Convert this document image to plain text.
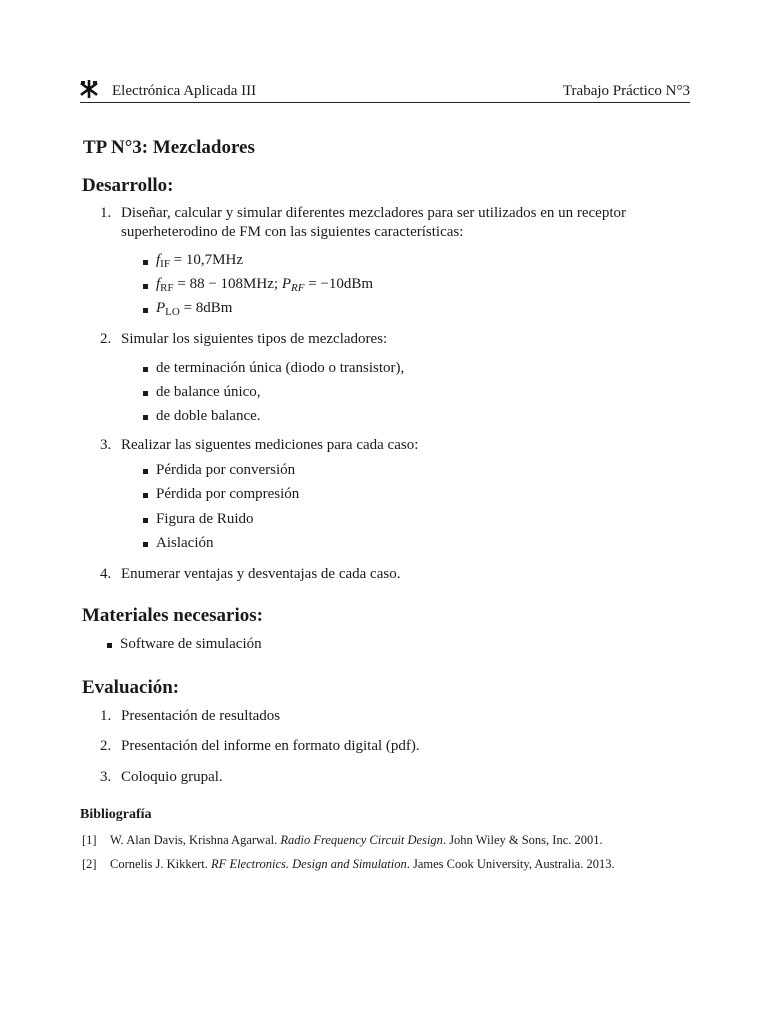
Electrónica Aplicada III	Trabajo Práctico N°3
TP N°3: Mezcladores
Desarrollo:
1. Diseñar, calcular y simular diferentes mezcladores para ser utilizados en un receptor
superheterodino de FM con las siguientes características:
$f_{IF} = 10,7MHz$
$f_{RF} = 88 - 108MHz$; $P_{RF} = -10dBm$
$P_{LO} = 8dBm$
2. Simular los siguientes tipos de mezcladores:
de terminación única (diodo o transistor),
de balance único,
de doble balance.
3. Realizar las siguentes mediciones para cada caso:
Pérdida por conversión
Pérdida por compresión
Figura de Ruido
Aislación
4. Enumerar ventajas y desventajas de cada caso.
Materiales necesarios:
Software de simulación
Evaluación:
1. Presentación de resultados
2. Presentación del informe en formato digital (pdf).
3. Coloquio grupal.
Bibliografía
[1] W. Alan Davis, Krishna Agarwal. Radio Frequency Circuit Design. John Wiley & Sons, Inc. 2001.
[2] Cornelis J. Kikkert. RF Electronics. Design and Simulation. James Cook University, Australia. 2013.
